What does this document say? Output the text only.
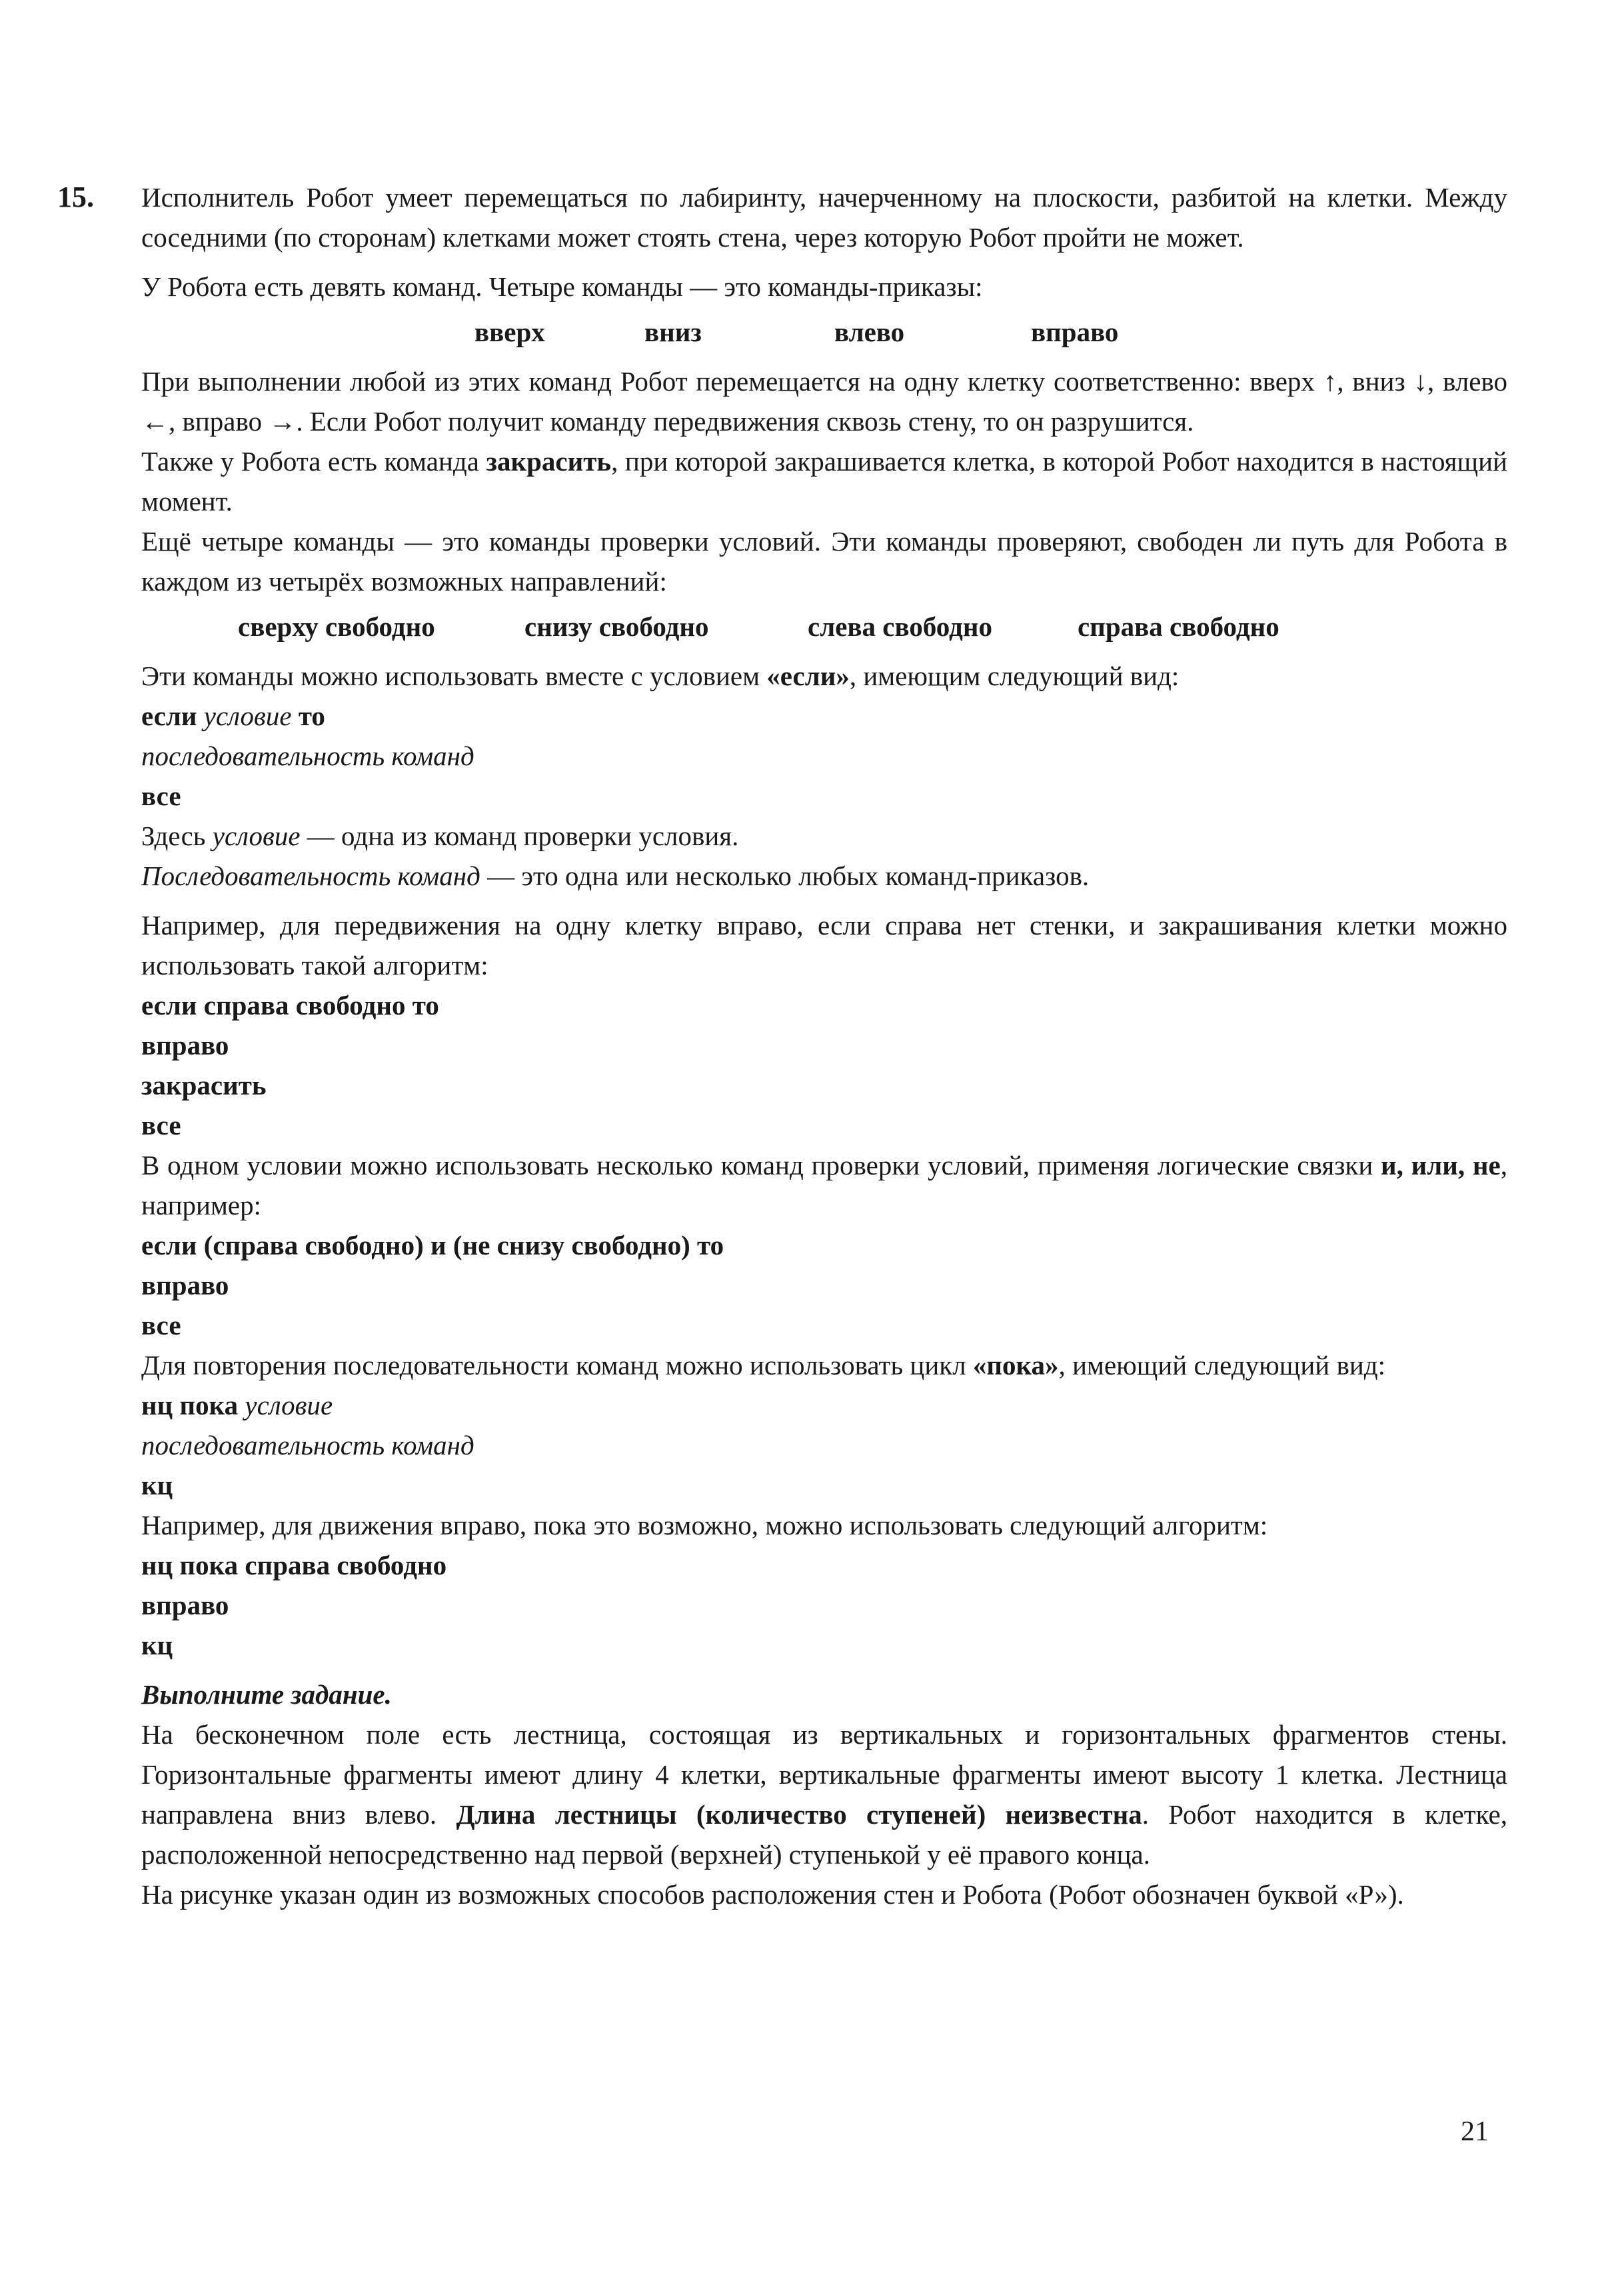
15. Исполнитель Робот умеет перемещаться по лабиринту, начерченному на плоскости, разбитой на клетки. Между соседними (по сторонам) клетками может стоять стена, через которую Робот пройти не может.

У Робота есть девять команд. Четыре команды — это команды-приказы:

вверх	вниз	влево	вправо

При выполнении любой из этих команд Робот перемещается на одну клетку соответственно: вверх ↑, вниз ↓, влево ←, вправо →. Если Робот получит команду передвижения сквозь стену, то он разрушится.

Также у Робота есть команда закрасить, при которой закрашивается клетка, в которой Робот находится в настоящий момент.

Ещё четыре команды — это команды проверки условий. Эти команды проверяют, свободен ли путь для Робота в каждом из четырёх возможных направлений:

сверху свободно	снизу свободно	слева свободно	справа свободно

Эти команды можно использовать вместе с условием «если», имеющим следующий вид:

если условие то

последовательность команд

все

Здесь условие — одна из команд проверки условия.

Последовательность команд — это одна или несколько любых команд-приказов.

Например, для передвижения на одну клетку вправо, если справа нет стенки, и закрашивания клетки можно использовать такой алгоритм:

если справа свободно то

вправо

закрасить

все

В одном условии можно использовать несколько команд проверки условий, применяя логические связки и, или, не, например:

если (справа свободно) и (не снизу свободно) то

вправо

все

Для повторения последовательности команд можно использовать цикл «пока», имеющий следующий вид:

нц пока условие

последовательность команд

кц

Например, для движения вправо, пока это возможно, можно использовать следующий алгоритм:

нц пока справа свободно

вправо

кц

Выполните задание.

На бесконечном поле есть лестница, состоящая из вертикальных и горизонтальных фрагментов стены. Горизонтальные фрагменты имеют длину 4 клетки, вертикальные фрагменты имеют высоту 1 клетка. Лестница направлена вниз влево. Длина лестницы (количество ступеней) неизвестна. Робот находится в клетке, расположенной непосредственно над первой (верхней) ступенькой у её правого конца.

На рисунке указан один из возможных способов расположения стен и Робота (Робот обозначен буквой «Р»).

21
